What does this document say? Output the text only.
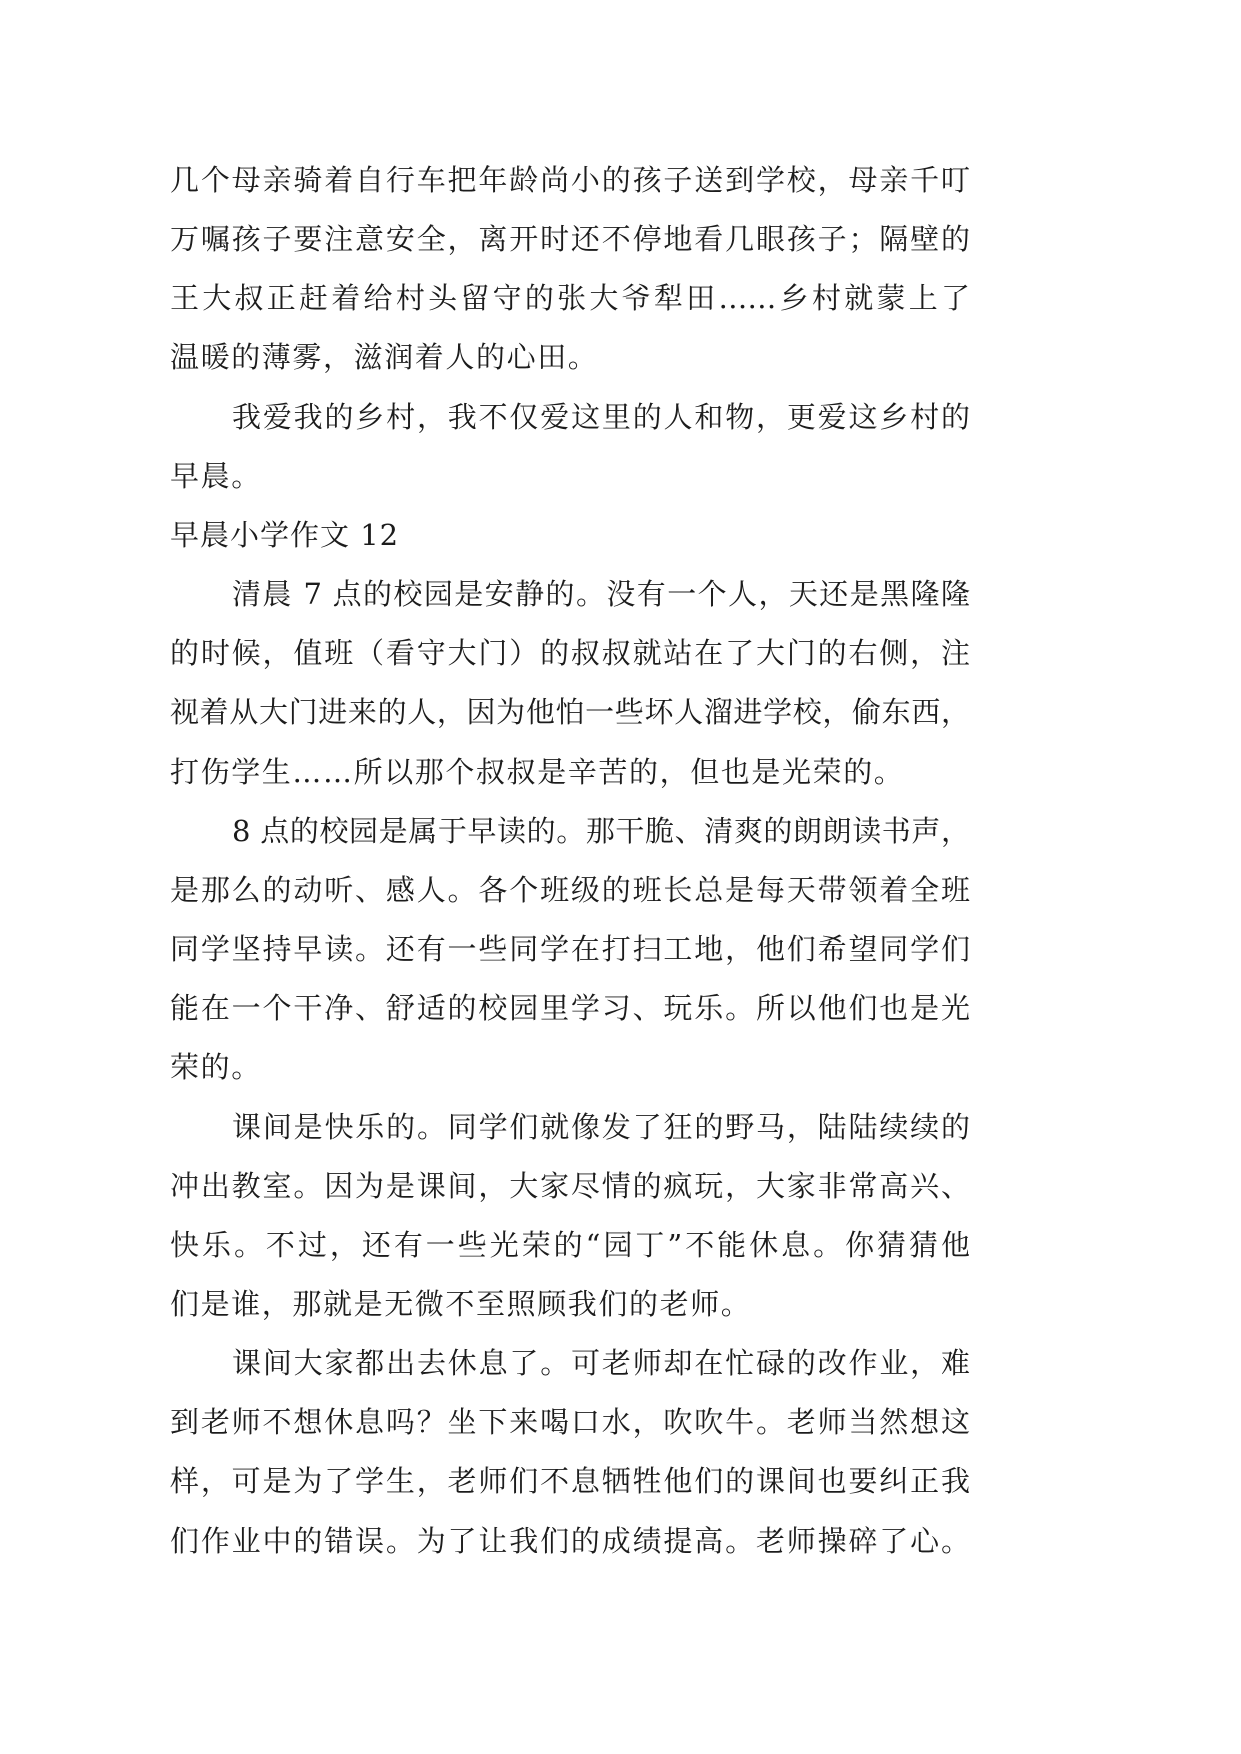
几个母亲骑着自行车把年龄尚小的孩子送到学校，母亲千叮
万嘱孩子要注意安全，离开时还不停地看几眼孩子；隔壁的
王大叔正赶着给村头留守的张大爷犁田……乡村就蒙上了
温暖的薄雾，滋润着人的心田。
我爱我的乡村，我不仅爱这里的人和物，更爱这乡村的
早晨。
早晨小学作文 12
清晨 7 点的校园是安静的。没有一个人，天还是黑隆隆
的时候，值班（看守大门）的叔叔就站在了大门的右侧，注
视着从大门进来的人，因为他怕一些坏人溜进学校，偷东西，
打伤学生……所以那个叔叔是辛苦的，但也是光荣的。
8 点的校园是属于早读的。那干脆、清爽的朗朗读书声，
是那么的动听、感人。各个班级的班长总是每天带领着全班
同学坚持早读。还有一些同学在打扫工地，他们希望同学们
能在一个干净、舒适的校园里学习、玩乐。所以他们也是光
荣的。
课间是快乐的。同学们就像发了狂的野马，陆陆续续的
冲出教室。因为是课间，大家尽情的疯玩，大家非常高兴、
快乐。不过，还有一些光荣的“园丁”不能休息。你猜猜他
们是谁，那就是无微不至照顾我们的老师。
课间大家都出去休息了。可老师却在忙碌的改作业，难
到老师不想休息吗？坐下来喝口水，吹吹牛。老师当然想这
样，可是为了学生，老师们不息牺牲他们的课间也要纠正我
们作业中的错误。为了让我们的成绩提高。老师操碎了心。
